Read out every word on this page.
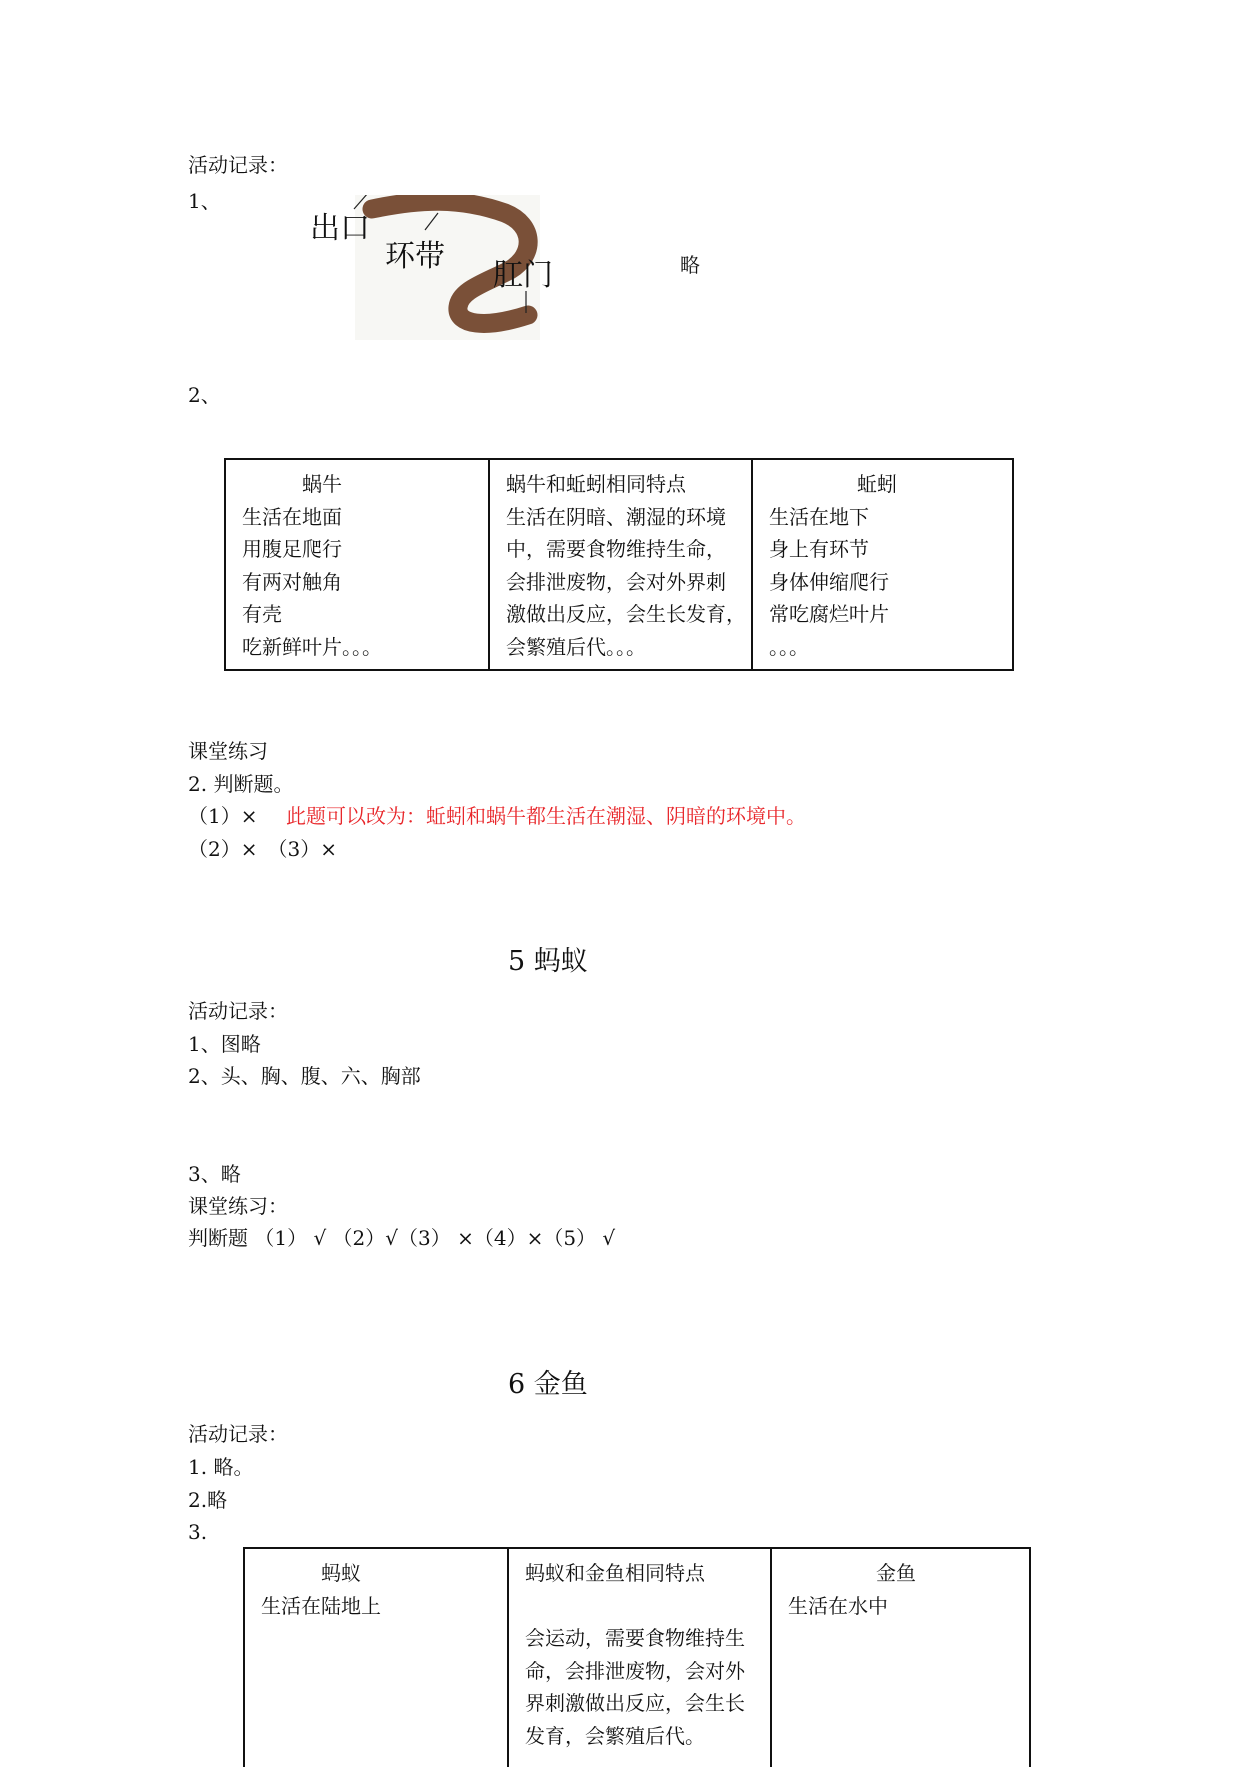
活动记录：

1、

出口
环带
肛门	略

2、

蜗牛

生活在地面

用腹足爬行

有两对触角

有壳

吃新鲜叶片。。。

蜗牛和蚯蚓相同特点

生活在阴暗、潮湿的环境

中，需要食物维持生命，

会排泄废物，会对外界刺

激做出反应，会生长发育，

会繁殖后代。。。

蚯蚓

生活在地下

身上有环节

身体伸缩爬行

常吃腐烂叶片

。。。

课堂练习

2. 判断题。

（1）× 此题可以改为：蚯蚓和蜗牛都生活在潮湿、阴暗的环境中。

（2）×　（3）×

5 蚂蚁

活动记录：

1、图略

2、头、胸、腹、六、胸部

3、略

课堂练习：

判断题 （1） √ （2）√（3） ×（4）×（5） √

6 金鱼

活动记录：

1. 略。

2.略

3.

蚂蚁

生活在陆地上

蚂蚁和金鱼相同特点

会运动，需要食物维持生

命，会排泄废物，会对外

界刺激做出反应，会生长

发育，会繁殖后代。

金鱼

生活在水中
